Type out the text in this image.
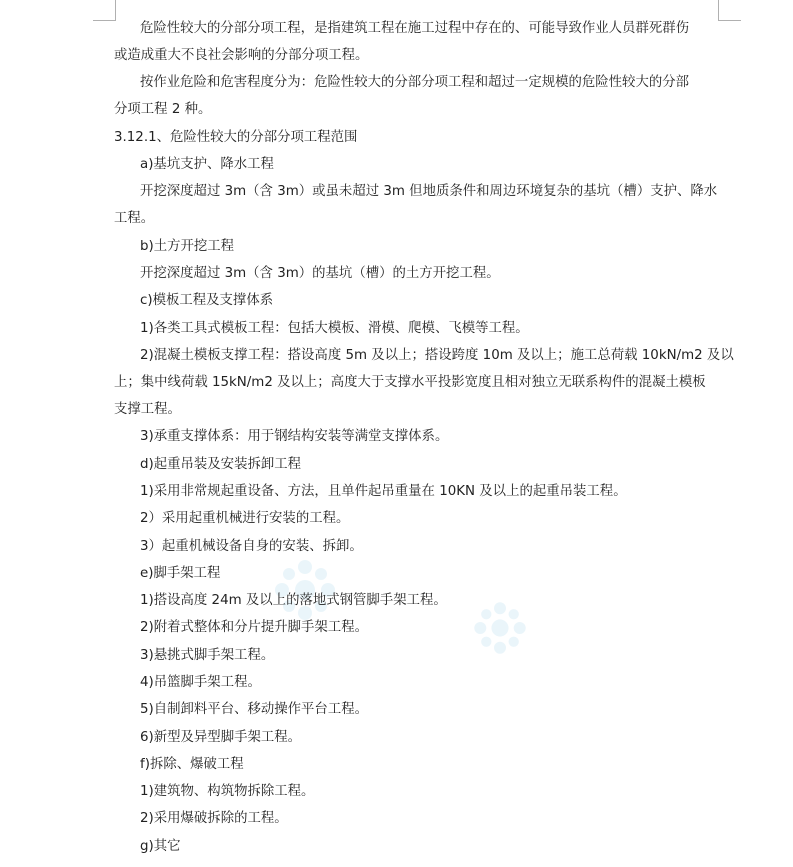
危险性较大的分部分项工程，是指建筑工程在施工过程中存在的、可能导致作业人员群死群伤
或造成重大不良社会影响的分部分项工程。
按作业危险和危害程度分为：危险性较大的分部分项工程和超过一定规模的危险性较大的分部
分项工程 2 种。
3.12.1、危险性较大的分部分项工程范围
a)基坑支护、降水工程
开挖深度超过 3m（含 3m）或虽未超过 3m 但地质条件和周边环境复杂的基坑（槽）支护、降水
工程。
b)土方开挖工程
开挖深度超过 3m（含 3m）的基坑（槽）的土方开挖工程。
c)模板工程及支撑体系
1)各类工具式模板工程：包括大模板、滑模、爬模、飞模等工程。
2)混凝土模板支撑工程：搭设高度 5m 及以上；搭设跨度 10m 及以上；施工总荷载 10kN/m2 及以
上；集中线荷载 15kN/m2 及以上；高度大于支撑水平投影宽度且相对独立无联系构件的混凝土模板
支撑工程。
3)承重支撑体系：用于钢结构安装等满堂支撑体系。
d)起重吊装及安装拆卸工程
1)采用非常规起重设备、方法，且单件起吊重量在 10KN 及以上的起重吊装工程。
2）采用起重机械进行安装的工程。
3）起重机械设备自身的安装、拆卸。
e)脚手架工程
1)搭设高度 24m 及以上的落地式钢管脚手架工程。
2)附着式整体和分片提升脚手架工程。
3)悬挑式脚手架工程。
4)吊篮脚手架工程。
5)自制卸料平台、移动操作平台工程。
6)新型及异型脚手架工程。
f)拆除、爆破工程
1)建筑物、构筑物拆除工程。
2)采用爆破拆除的工程。
g)其它
